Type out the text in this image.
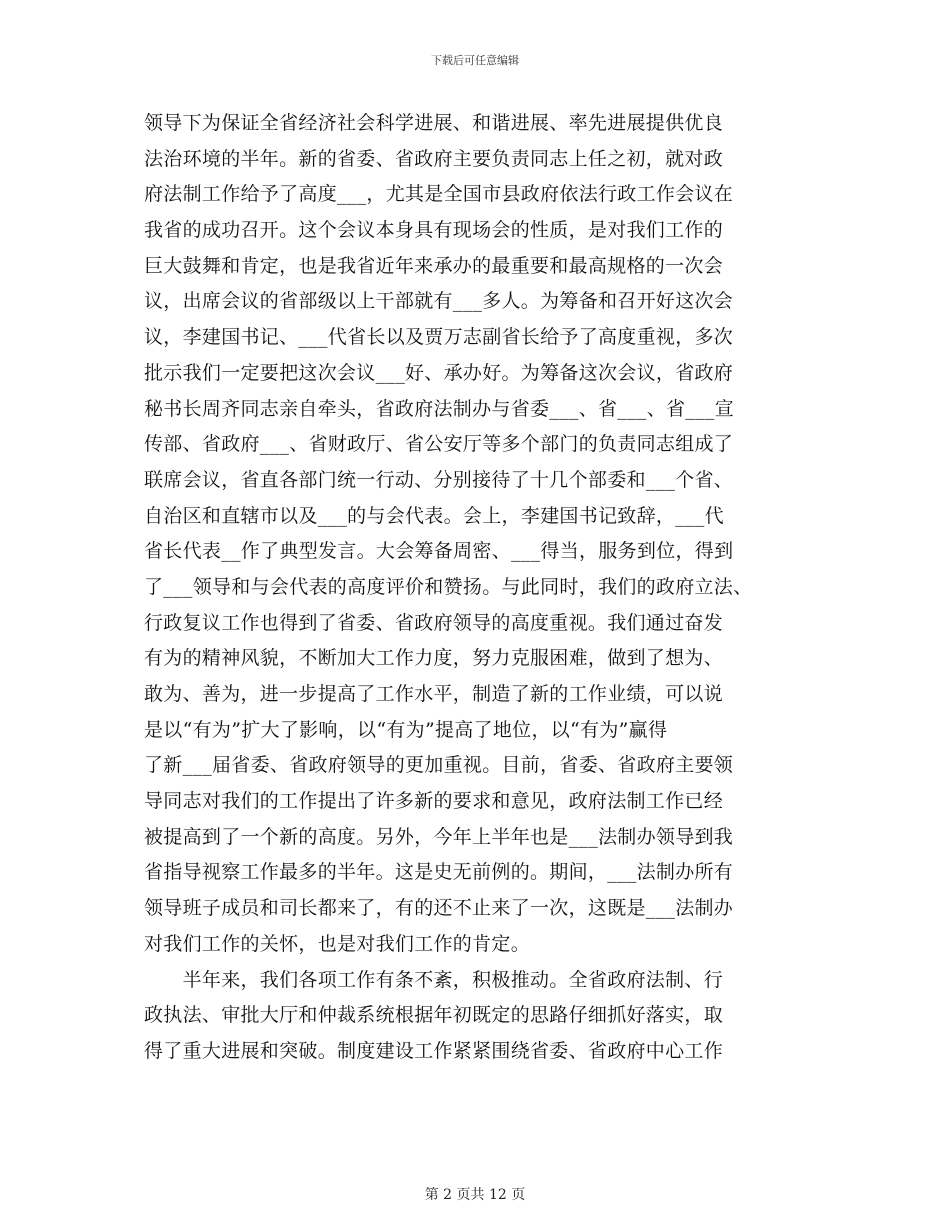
下载后可任意编辑
领导下为保证全省经济社会科学进展、和谐进展、率先进展提供优良
法治环境的半年。新的省委、省政府主要负责同志上任之初，就对政
府法制工作给予了高度___，尤其是全国市县政府依法行政工作会议在
我省的成功召开。这个会议本身具有现场会的性质，是对我们工作的
巨大鼓舞和肯定，也是我省近年来承办的最重要和最高规格的一次会
议，出席会议的省部级以上干部就有___多人。为筹备和召开好这次会
议，李建国书记、___代省长以及贾万志副省长给予了高度重视，多次
批示我们一定要把这次会议___好、承办好。为筹备这次会议，省政府
秘书长周齐同志亲自牵头，省政府法制办与省委___、省___、省___宣
传部、省政府___、省财政厅、省公安厅等多个部门的负责同志组成了
联席会议，省直各部门统一行动、分别接待了十几个部委和___个省、
自治区和直辖市以及___的与会代表。会上，李建国书记致辞，___代
省长代表__作了典型发言。大会筹备周密、___得当，服务到位，得到
了___领导和与会代表的高度评价和赞扬。与此同时，我们的政府立法、
行政复议工作也得到了省委、省政府领导的高度重视。我们通过奋发
有为的精神风貌，不断加大工作力度，努力克服困难，做到了想为、
敢为、善为，进一步提高了工作水平，制造了新的工作业绩，可以说
是以“有为”扩大了影响，以“有为”提高了地位，以“有为”赢得
了新___届省委、省政府领导的更加重视。目前，省委、省政府主要领
导同志对我们的工作提出了许多新的要求和意见，政府法制工作已经
被提高到了一个新的高度。另外，今年上半年也是___法制办领导到我
省指导视察工作最多的半年。这是史无前例的。期间，___法制办所有
领导班子成员和司长都来了，有的还不止来了一次，这既是___法制办
对我们工作的关怀，也是对我们工作的肯定。
　　半年来，我们各项工作有条不紊，积极推动。全省政府法制、行
政执法、审批大厅和仲裁系统根据年初既定的思路仔细抓好落实，取
得了重大进展和突破。制度建设工作紧紧围绕省委、省政府中心工作
第 2 页共 12 页
